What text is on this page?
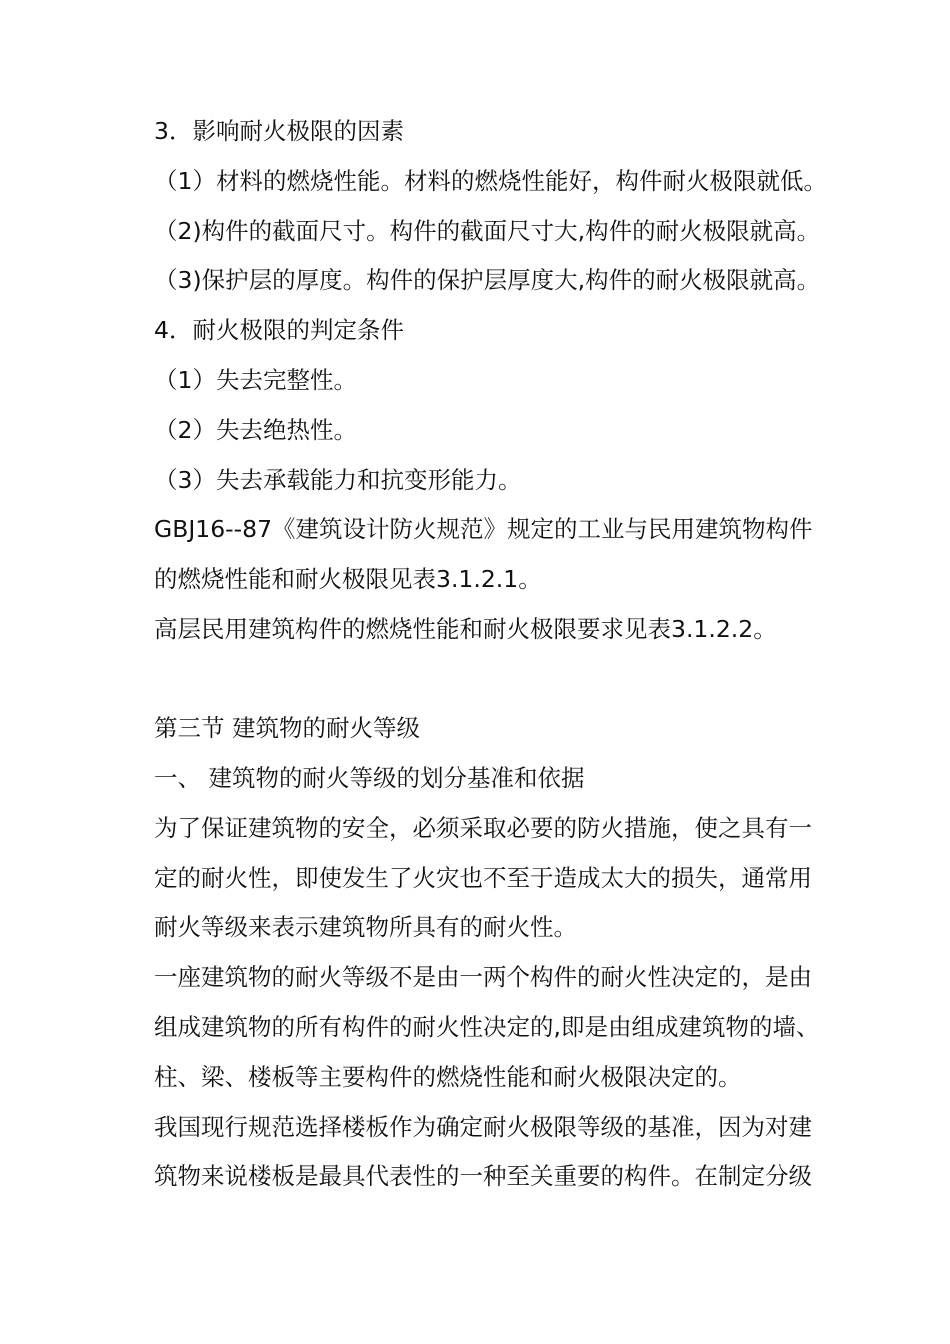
3．影响耐火极限的因素
（1）材料的燃烧性能。材料的燃烧性能好，构件耐火极限就低。
（2)构件的截面尺寸。构件的截面尺寸大,构件的耐火极限就高。
（3)保护层的厚度。构件的保护层厚度大,构件的耐火极限就高。
4．耐火极限的判定条件
（1）失去完整性。
（2）失去绝热性。
（3）失去承载能力和抗变形能力。
GBJ16--87《建筑设计防火规范》规定的工业与民用建筑物构件
的燃烧性能和耐火极限见表3.1.2.1。
高层民用建筑构件的燃烧性能和耐火极限要求见表3.1.2.2。
第三节 建筑物的耐火等级
一、 建筑物的耐火等级的划分基准和依据
为了保证建筑物的安全，必须采取必要的防火措施，使之具有一
定的耐火性，即使发生了火灾也不至于造成太大的损失，通常用
耐火等级来表示建筑物所具有的耐火性。
一座建筑物的耐火等级不是由一两个构件的耐火性决定的，是由
组成建筑物的所有构件的耐火性决定的,即是由组成建筑物的墙、
柱、梁、楼板等主要构件的燃烧性能和耐火极限决定的。
我国现行规范选择楼板作为确定耐火极限等级的基准，因为对建
筑物来说楼板是最具代表性的一种至关重要的构件。在制定分级
